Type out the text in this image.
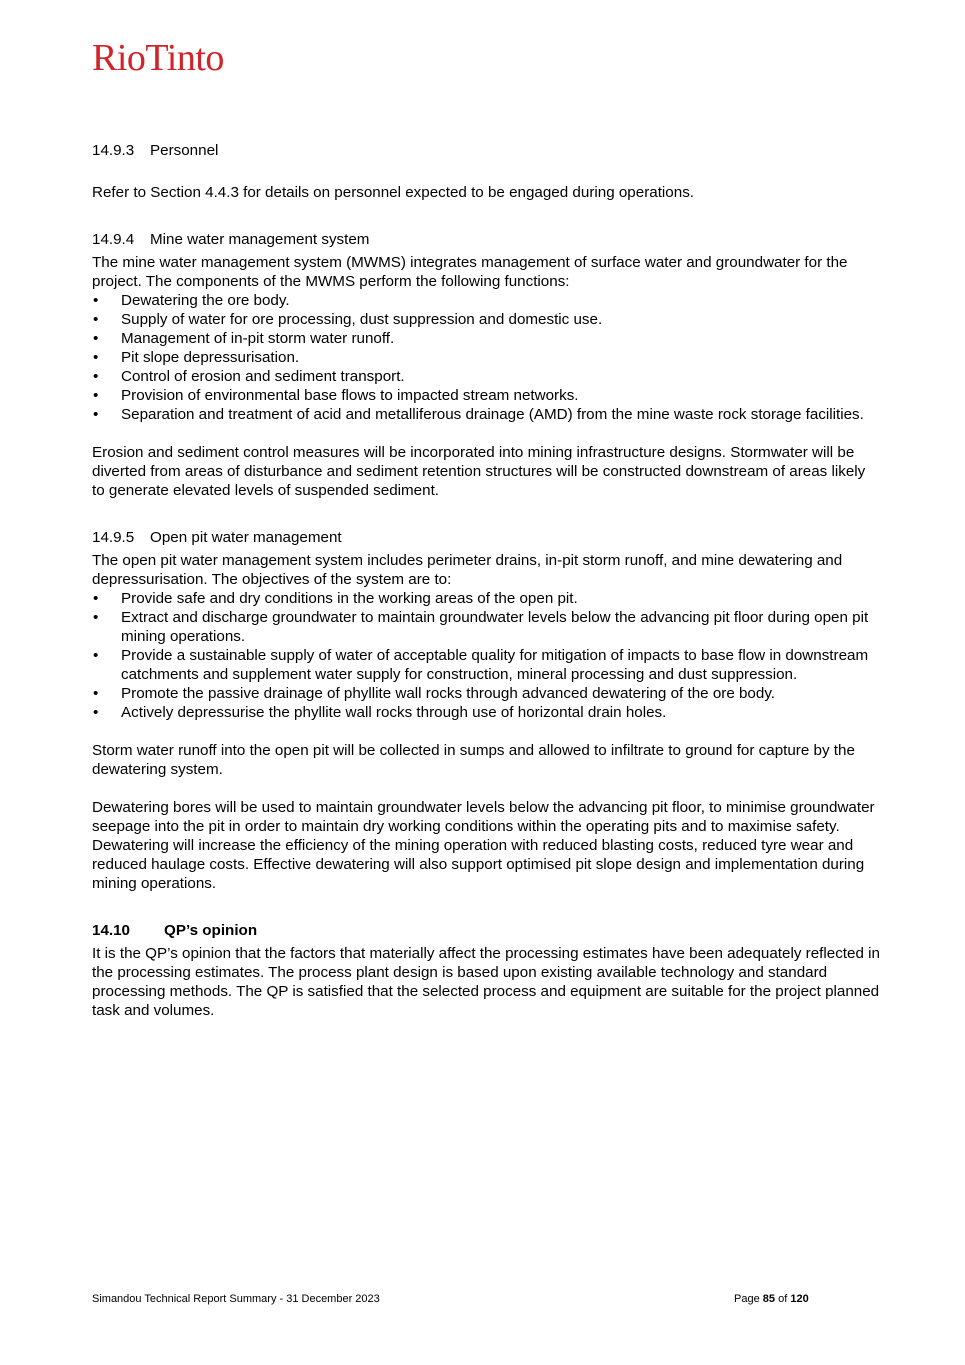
RioTinto
14.9.3 Personnel

Refer to Section 4.4.3 for details on personnel expected to be engaged during operations.

14.9.4 Mine water management system

The mine water management system (MWMS) integrates management of surface water and groundwater for the project. The components of the MWMS perform the following functions:

• Dewatering the ore body.
• Supply of water for ore processing, dust suppression and domestic use.
• Management of in-pit storm water runoff.
• Pit slope depressurisation.
• Control of erosion and sediment transport.
• Provision of environmental base flows to impacted stream networks.
• Separation and treatment of acid and metalliferous drainage (AMD) from the mine waste rock storage facilities.

Erosion and sediment control measures will be incorporated into mining infrastructure designs. Stormwater will be diverted from areas of disturbance and sediment retention structures will be constructed downstream of areas likely to generate elevated levels of suspended sediment.

14.9.5 Open pit water management

The open pit water management system includes perimeter drains, in-pit storm runoff, and mine dewatering and depressurisation. The objectives of the system are to:

• Provide safe and dry conditions in the working areas of the open pit.
• Extract and discharge groundwater to maintain groundwater levels below the advancing pit floor during open pit mining operations.
• Provide a sustainable supply of water of acceptable quality for mitigation of impacts to base flow in downstream catchments and supplement water supply for construction, mineral processing and dust suppression.
• Promote the passive drainage of phyllite wall rocks through advanced dewatering of the ore body.
• Actively depressurise the phyllite wall rocks through use of horizontal drain holes.

Storm water runoff into the open pit will be collected in sumps and allowed to infiltrate to ground for capture by the dewatering system.

Dewatering bores will be used to maintain groundwater levels below the advancing pit floor, to minimise groundwater seepage into the pit in order to maintain dry working conditions within the operating pits and to maximise safety. Dewatering will increase the efficiency of the mining operation with reduced blasting costs, reduced tyre wear and reduced haulage costs. Effective dewatering will also support optimised pit slope design and implementation during mining operations.

14.10 QP’s opinion

It is the QP’s opinion that the factors that materially affect the processing estimates have been adequately reflected in the processing estimates. The process plant design is based upon existing available technology and standard processing methods. The QP is satisfied that the selected process and equipment are suitable for the project planned task and volumes.

Simandou Technical Report Summary - 31 December 2023	Page 85 of 120
